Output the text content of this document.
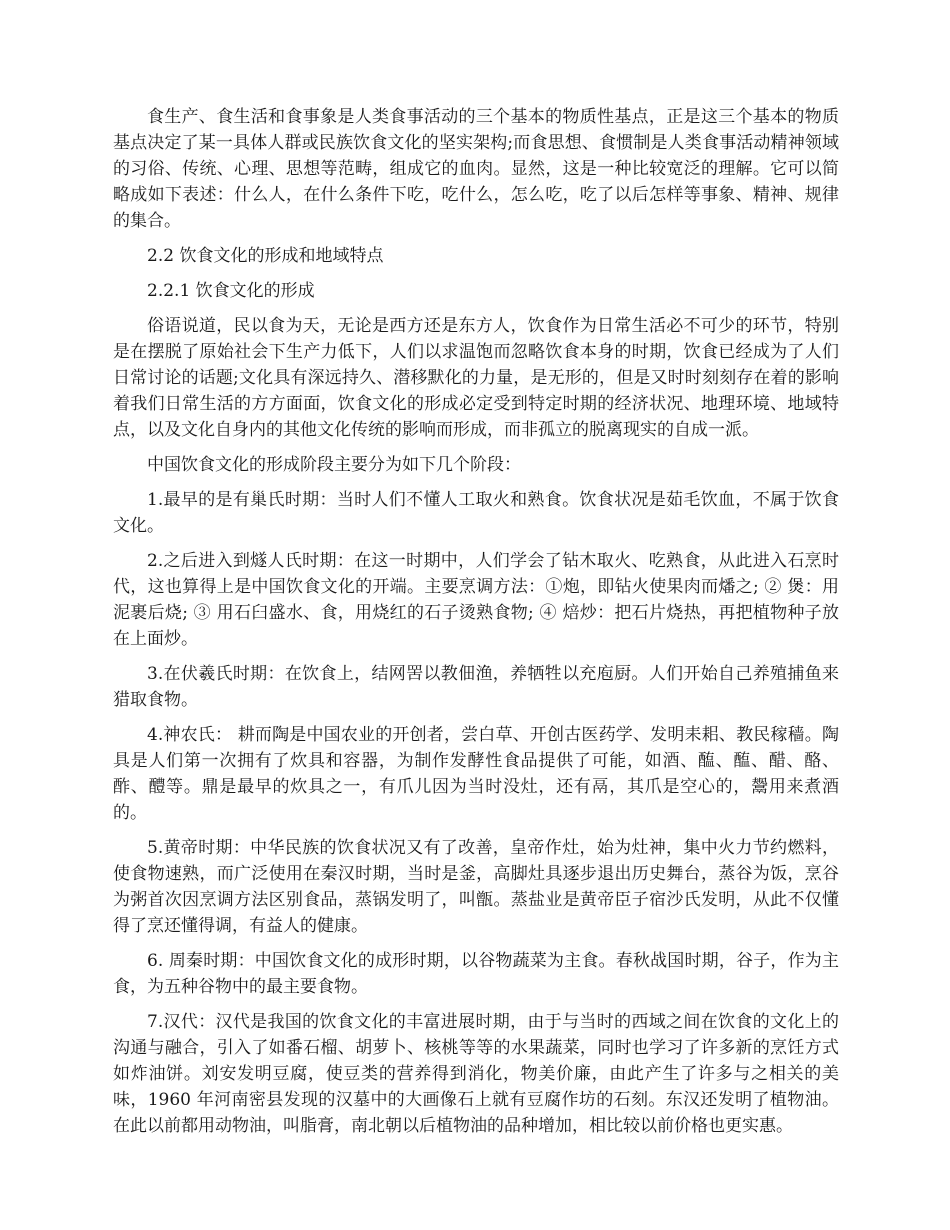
食生产、食生活和食事象是人类食事活动的三个基本的物质性基点，正是这三个基本的物质基点决定了某一具体人群或民族饮食文化的坚实架构;而食思想、食惯制是人类食事活动精神领域的习俗、传统、心理、思想等范畴，组成它的血肉。显然，这是一种比较宽泛的理解。它可以简略成如下表述：什么人，在什么条件下吃，吃什么，怎么吃，吃了以后怎样等事象、精神、规律的集合。

2.2 饮食文化的形成和地域特点

2.2.1 饮食文化的形成

俗语说道，民以食为天，无论是西方还是东方人，饮食作为日常生活必不可少的环节，特别是在摆脱了原始社会下生产力低下，人们以求温饱而忽略饮食本身的时期，饮食已经成为了人们日常讨论的话题;文化具有深远持久、潜移默化的力量，是无形的，但是又时时刻刻存在着的影响着我们日常生活的方方面面，饮食文化的形成必定受到特定时期的经济状况、地理环境、地域特点，以及文化自身内的其他文化传统的影响而形成，而非孤立的脱离现实的自成一派。

中国饮食文化的形成阶段主要分为如下几个阶段：

1.最早的是有巢氏时期：当时人们不懂人工取火和熟食。饮食状况是茹毛饮血，不属于饮食文化。

2.之后进入到燧人氏时期：在这一时期中，人们学会了钻木取火、吃熟食，从此进入石烹时代，这也算得上是中国饮食文化的开端。主要烹调方法：①炮，即钻火使果肉而燔之; ② 煲：用泥裹后烧; ③ 用石臼盛水、食，用烧红的石子烫熟食物; ④ 焙炒：把石片烧热，再把植物种子放在上面炒。

3.在伏羲氏时期：在饮食上，结网罟以教佃渔，养牺牲以充庖厨。人们开始自己养殖捕鱼来猎取食物。

4.神农氏： 耕而陶是中国农业的开创者，尝白草、开创古医药学、发明耒耜、教民稼穑。陶具是人们第一次拥有了炊具和容器，为制作发酵性食品提供了可能，如酒、醢、醢、醋、酪、酢、醴等。鼎是最早的炊具之一，有爪儿因为当时没灶，还有鬲，其爪是空心的，鬶用来煮酒的。

5.黄帝时期：中华民族的饮食状况又有了改善，皇帝作灶，始为灶神，集中火力节约燃料，使食物速熟，而广泛使用在秦汉时期，当时是釜，高脚灶具逐步退出历史舞台，蒸谷为饭，烹谷为粥首次因烹调方法区别食品，蒸锅发明了，叫甑。蒸盐业是黄帝臣子宿沙氏发明，从此不仅懂得了烹还懂得调，有益人的健康。

6. 周秦时期：中国饮食文化的成形时期，以谷物蔬菜为主食。春秋战国时期，谷子，作为主食，为五种谷物中的最主要食物。

7.汉代：汉代是我国的饮食文化的丰富进展时期，由于与当时的西域之间在饮食的文化上的沟通与融合，引入了如番石榴、胡萝卜、核桃等等的水果蔬菜，同时也学习了许多新的烹饪方式如炸油饼。刘安发明豆腐，使豆类的营养得到消化，物美价廉，由此产生了许多与之相关的美味，1960 年河南密县发现的汉墓中的大画像石上就有豆腐作坊的石刻。东汉还发明了植物油。在此以前都用动物油，叫脂膏，南北朝以后植物油的品种增加，相比较以前价格也更实惠。
